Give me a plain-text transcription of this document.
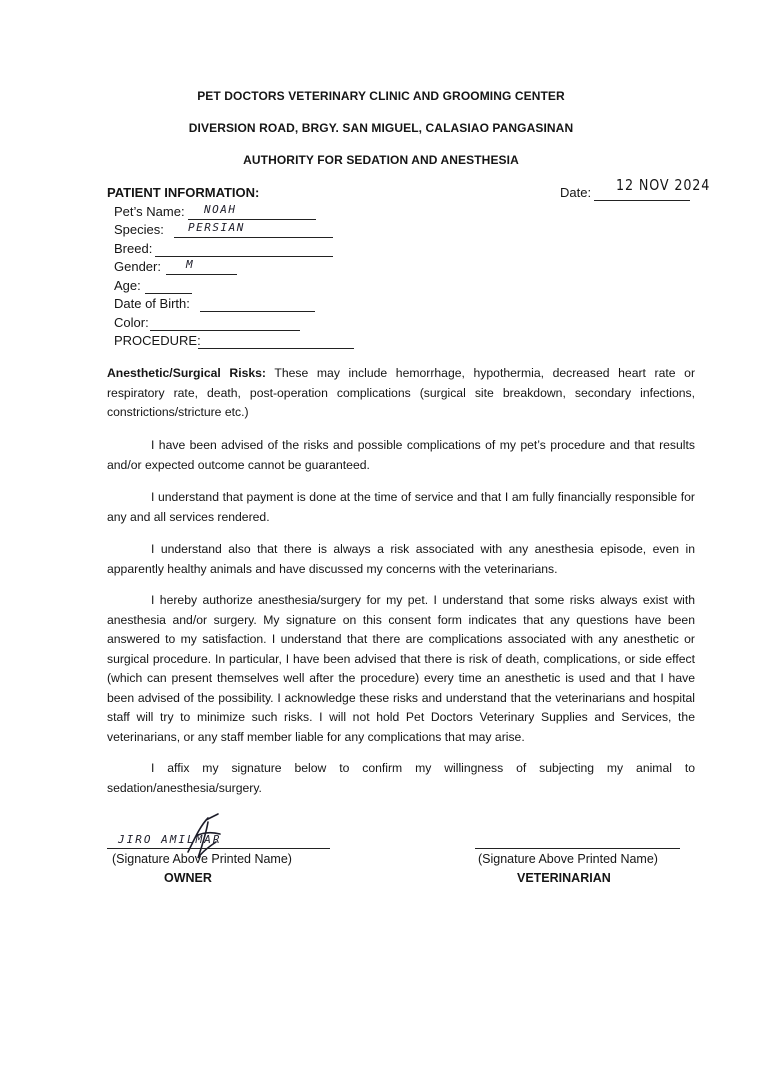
PET DOCTORS VETERINARY CLINIC AND GROOMING CENTER
DIVERSION ROAD, BRGY. SAN MIGUEL, CALASIAO PANGASINAN
AUTHORITY FOR SEDATION AND ANESTHESIA
PATIENT INFORMATION:	Date: 12 NOV 2024
Pet’s Name: NOAH
Species: PERSIAN
Breed:
Gender: M
Age:
Date of Birth:
Color:
PROCEDURE:

Anesthetic/Surgical Risks: These may include hemorrhage, hypothermia, decreased heart rate or respiratory rate, death, post-operation complications (surgical site breakdown, secondary infections, constrictions/stricture etc.)

I have been advised of the risks and possible complications of my pet’s procedure and that results and/or expected outcome cannot be guaranteed.

I understand that payment is done at the time of service and that I am fully financially responsible for any and all services rendered.

I understand also that there is always a risk associated with any anesthesia episode, even in apparently healthy animals and have discussed my concerns with the veterinarians.

I hereby authorize anesthesia/surgery for my pet. I understand that some risks always exist with anesthesia and/or surgery. My signature on this consent form indicates that any questions have been answered to my satisfaction. I understand that there are complications associated with any anesthetic or surgical procedure. In particular, I have been advised that there is risk of death, complications, or side effect (which can present themselves well after the procedure) every time an anesthetic is used and that I have been advised of the possibility. I acknowledge these risks and understand that the veterinarians and hospital staff will try to minimize such risks. I will not hold Pet Doctors Veterinary Supplies and Services, the veterinarians, or any staff member liable for any complications that may arise.

I affix my signature below to confirm my willingness of subjecting my animal to sedation/anesthesia/surgery.

JIRO AMILMAR
(Signature Above Printed Name)
OWNER
(Signature Above Printed Name)
VETERINARIAN
